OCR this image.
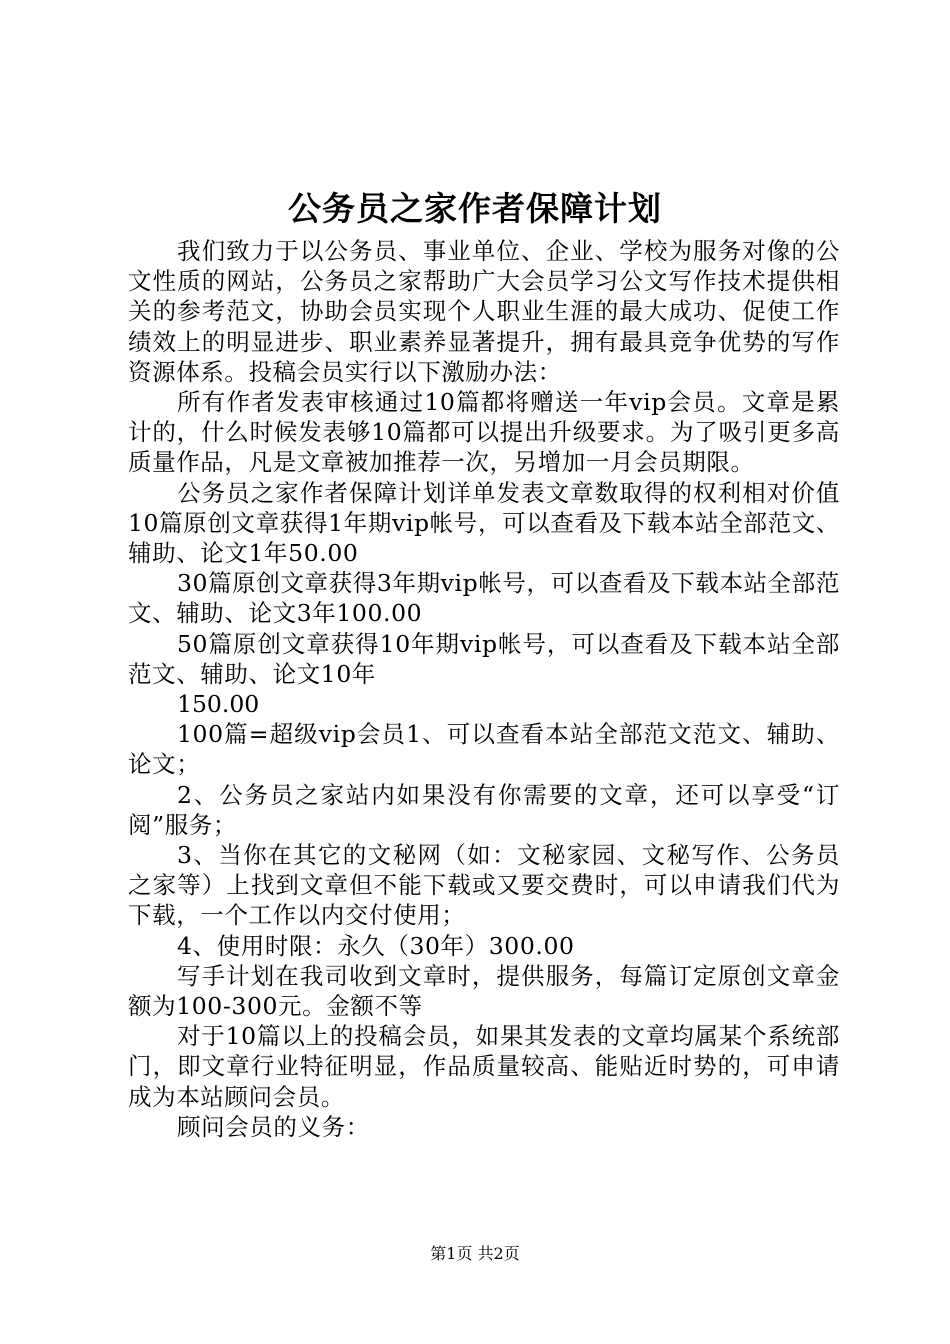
公务员之家作者保障计划

我们致力于以公务员、事业单位、企业、学校为服务对像的公文性质的网站，公务员之家帮助广大会员学习公文写作技术提供相关的参考范文，协助会员实现个人职业生涯的最大成功、促使工作绩效上的明显进步、职业素养显著提升，拥有最具竞争优势的写作资源体系。投稿会员实行以下激励办法：

所有作者发表审核通过10篇都将赠送一年vip会员。文章是累计的，什么时候发表够10篇都可以提出升级要求。为了吸引更多高质量作品，凡是文章被加推荐一次，另增加一月会员期限。

公务员之家作者保障计划详单发表文章数取得的权利相对价值10篇原创文章获得1年期vip帐号，可以查看及下载本站全部范文、辅助、论文1年50.00

30篇原创文章获得3年期vip帐号，可以查看及下载本站全部范文、辅助、论文3年100.00

50篇原创文章获得10年期vip帐号，可以查看及下载本站全部范文、辅助、论文10年

150.00

100篇=超级vip会员1、可以查看本站全部范文范文、辅助、论文；

2、公务员之家站内如果没有你需要的文章，还可以享受“订阅”服务；

3、当你在其它的文秘网（如：文秘家园、文秘写作、公务员之家等）上找到文章但不能下载或又要交费时，可以申请我们代为下载，一个工作以内交付使用；

4、使用时限：永久（30年）300.00

写手计划在我司收到文章时，提供服务，每篇订定原创文章金额为100-300元。金额不等

对于10篇以上的投稿会员，如果其发表的文章均属某个系统部门，即文章行业特征明显，作品质量较高、能贴近时势的，可申请成为本站顾问会员。

顾问会员的义务：

第1页 共2页
